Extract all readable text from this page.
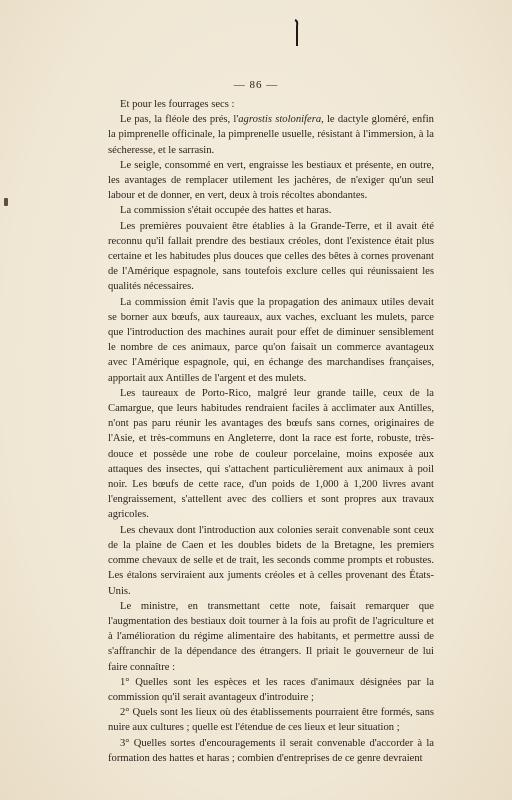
— 86 —

Et pour les fourrages secs :

Le pas, la fléole des prés, l'agrostis stolonifera, le dactyle gloméré, enfin la pimprenelle officinale, la pimprenelle usuelle, résistant à l'immersion, à la sécheresse, et le sarrasin.

Le seigle, consommé en vert, engraisse les bestiaux et présente, en outre, les avantages de remplacer utilement les jachères, de n'exiger qu'un seul labour et de donner, en vert, deux à trois récoltes abondantes.

La commission s'était occupée des hattes et haras.

Les premières pouvaient être établies à la Grande-Terre, et il avait été reconnu qu'il fallait prendre des bestiaux créoles, dont l'existence était plus certaine et les habitudes plus douces que celles des bêtes à cornes provenant de l'Amérique espagnole, sans toutefois exclure celles qui réunissaient les qualités nécessaires.

La commission émit l'avis que la propagation des animaux utiles devait se borner aux bœufs, aux taureaux, aux vaches, excluant les mulets, parce que l'introduction des machines aurait pour effet de diminuer sensiblement le nombre de ces animaux, parce qu'on faisait un commerce avantageux avec l'Amérique espagnole, qui, en échange des marchandises françaises, apportait aux Antilles de l'argent et des mulets.

Les taureaux de Porto-Rico, malgré leur grande taille, ceux de la Camargue, que leurs habitudes rendraient faciles à acclimater aux Antilles, n'ont pas paru réunir les avantages des bœufs sans cornes, originaires de l'Asie, et très-communs en Angleterre, dont la race est forte, robuste, très-douce et possède une robe de couleur porcelaine, moins exposée aux attaques des insectes, qui s'attachent particulièrement aux animaux à poil noir. Les bœufs de cette race, d'un poids de 1,000 à 1,200 livres avant l'engraissement, s'attellent avec des colliers et sont propres aux travaux agricoles.

Les chevaux dont l'introduction aux colonies serait convenable sont ceux de la plaine de Caen et les doubles bidets de la Bretagne, les premiers comme chevaux de selle et de trait, les seconds comme prompts et robustes. Les étalons serviraient aux juments créoles et à celles provenant des États-Unis.

Le ministre, en transmettant cette note, faisait remarquer que l'augmentation des bestiaux doit tourner à la fois au profit de l'agriculture et à l'amélioration du régime alimentaire des habitants, et permettre aussi de s'affranchir de la dépendance des étrangers. Il priait le gouverneur de lui faire connaître :

1° Quelles sont les espèces et les races d'animaux désignées par la commission qu'il serait avantageux d'introduire ;

2° Quels sont les lieux où des établissements pourraient être formés, sans nuire aux cultures ; quelle est l'étendue de ces lieux et leur situation ;

3° Quelles sortes d'encouragements il serait convenable d'accorder à la formation des hattes et haras ; combien d'entreprises de ce genre devraient
